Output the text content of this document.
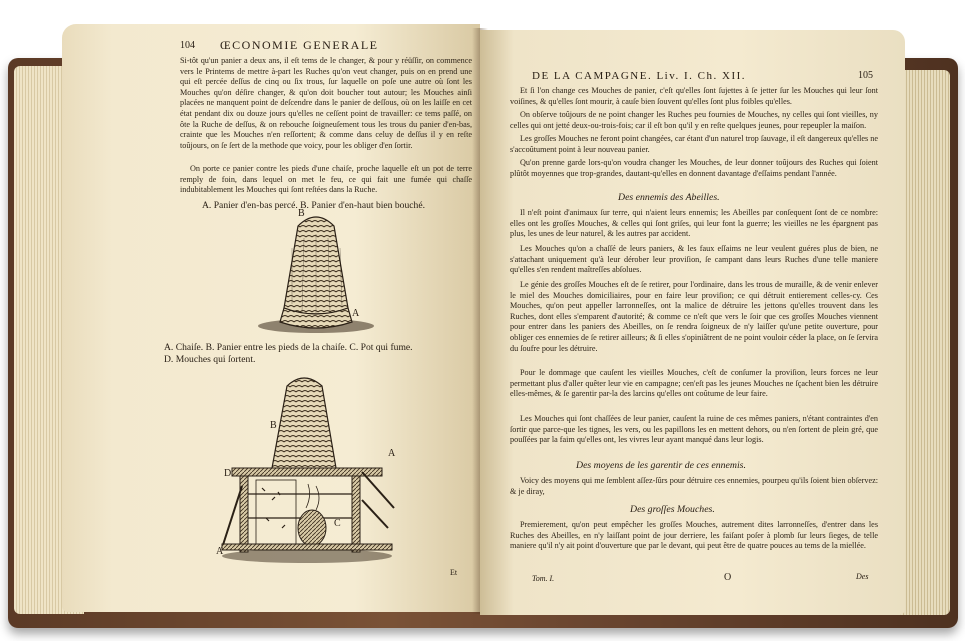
104 ŒCONOMIE GENERALE

Si-tôt qu'un panier a deux ans, il eſt tems de le changer, & pour y réüſſir, on commence vers le Printems de mettre à-part les Ruches qu'on veut changer, puis on en prend une qui eſt percée deſſus de cinq ou ſix trous, ſur laquelle on poſe une autre où ſont les Mouches qu'on déſire changer, & qu'on doit boucher tout autour; les Mouches ainſi placées ne manquent point de deſcendre dans le panier de deſſous, où on les laiſſe en cet état pendant dix ou douze jours qu'elles ne ceſſent point de travailler: ce tems paſſé, on ôte la Ruche de deſſus, & on rebouche ſoigneuſement tous les trous du panier d'en-bas, crainte que les Mouches n'en reſſortent; & comme dans celuy de deſſus il y en reſte toûjours, on ſe ſert de la methode que voicy, pour les obliger d'en ſortir.

On porte ce panier contre les pieds d'une chaiſe, proche laquelle eſt un pot de terre remply de foin, dans lequel on met le feu, ce qui fait une fumée qui chaſſe indubitablement les Mouches qui ſont reſtées dans la Ruche.

A. Panier d'en-bas percé. B. Panier d'en-haut bien bouché.
B
A
A. Chaiſe. B. Panier entre les pieds de la chaiſe. C. Pot qui fume.
D. Mouches qui ſortent.
B
A
D
C
A
Et
DE LA CAMPAGNE. Liv. I. Ch. XII.	105

Et ſi l'on change ces Mouches de panier, c'eſt qu'elles ſont ſujettes à ſe jetter ſur les Mouches qui leur ſont voiſines, & qu'elles ſont mourir, à cauſe bien ſouvent qu'elles ſont plus foibles qu'elles.

On obſerve toûjours de ne point changer les Ruches peu fournies de Mouches, ny celles qui ſont vieilles, ny celles qui ont jetté deux-ou-trois-fois; car il eſt bon qu'il y en reſte quelques jeunes, pour repeupler la maiſon.

Les groſſes Mouches ne feront point changées, car étant d'un naturel trop ſauvage, il eſt dangereux qu'elles ne s'accoûtument point à leur nouveau panier.

Qu'on prenne garde lors-qu'on voudra changer les Mouches, de leur donner toûjours des Ruches qui ſoient plûtôt moyennes que trop-grandes, dautant-qu'elles en donnent davantage d'eſſaims pendant l'année.

Des ennemis des Abeilles.

Il n'eſt point d'animaux ſur terre, qui n'aient leurs ennemis; les Abeilles par conſequent ſont de ce nombre: elles ont les groſſes Mouches, & celles qui ſont griſes, qui leur font la guerre; les vieilles ne les épargnent pas plus, les unes de leur naturel, & les autres par accident.

Les Mouches qu'on a chaſſé de leurs paniers, & les faux eſſaims ne leur veulent guéres plus de bien, ne s'attachant uniquement qu'à leur dérober leur proviſion, ſe campant dans leurs Ruches d'une telle maniere qu'elles s'en rendent maîtreſſes abſolues.

Le génie des groſſes Mouches eſt de ſe retirer, pour l'ordinaire, dans les trous de muraille, & de venir enlever le miel des Mouches domiciliaires, pour en faire leur proviſion; ce qui détruit entierement celles-cy. Ces Mouches, qu'on peut appeller larronneſſes, ont la malice de détruire les jettons qu'elles trouvent dans les Ruches, dont elles s'emparent d'autorité; & comme ce n'eſt que vers le ſoir que ces groſſes Mouches viennent pour entrer dans les paniers des Abeilles, on ſe rendra ſoigneux de n'y laiſſer qu'une petite ouverture, pour obliger ces ennemies de ſe retirer ailleurs; & ſi elles s'opiniâtrent de ne point vouloir céder la place, on ſe ſervira du ſoufre pour les détruire.

Pour le dommage que cauſent les vieilles Mouches, c'eſt de conſumer la proviſion, leurs forces ne leur permettant plus d'aller quêter leur vie en campagne; cen'eſt pas les jeunes Mouches ne ſçachent bien les détruire elles-mêmes, & ſe garentir par-la des larcins qu'elles ont coûtume de leur faire.

Les Mouches qui ſont chaſſées de leur panier, cauſent la ruine de ces mêmes paniers, n'étant contraintes d'en ſortir que parce-que les tignes, les vers, ou les papillons les en mettent dehors, ou n'en ſortent de plein gré, que pouſſées par la faim qu'elles ont, les vivres leur ayant manqué dans leur logis.

Des moyens de les garentir de ces ennemis.

Voicy des moyens qui me ſemblent aſſez-ſûrs pour détruire ces ennemies, pourpeu qu'ils ſoient bien obſervez: & je diray,

Des groſſes Mouches.

Premierement, qu'on peut empêcher les groſſes Mouches, autrement dites larronneſſes, d'entrer dans les Ruches des Abeilles, en n'y laiſſant point de jour derriere, les faiſant poſer à plomb ſur leurs ſieges, de telle maniere qu'il n'y ait point d'ouverture que par le devant, qui peut être de quatre pouces au tems de la miellée.

Tom. I.	O	Des
